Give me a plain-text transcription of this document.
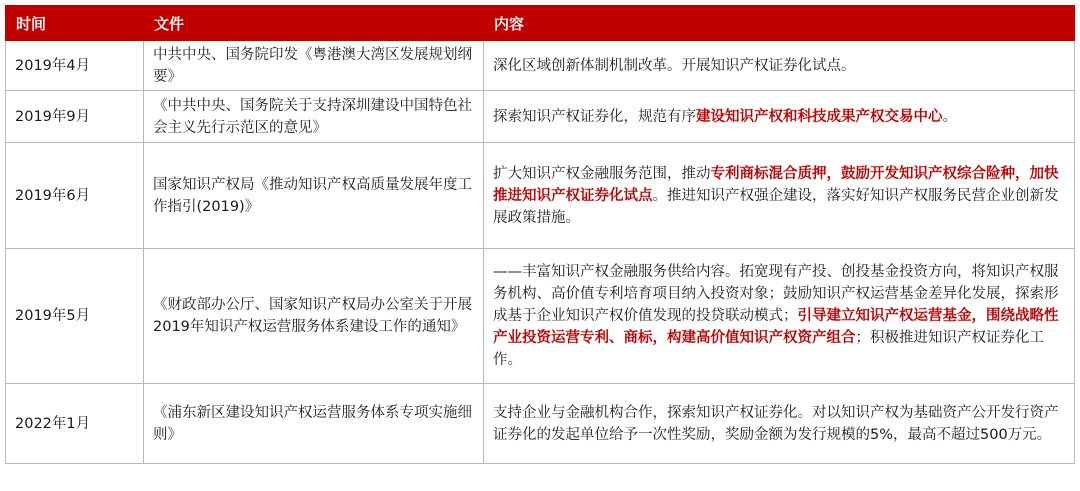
时间	文件	内容
2019年4月	中共中央、国务院印发《粤港澳大湾区发展规划纲要》	深化区域创新体制机制改革。开展知识产权证券化试点。
2019年9月	《中共中央、国务院关于支持深圳建设中国特色社会主义先行示范区的意见》	探索知识产权证券化，规范有序建设知识产权和科技成果产权交易中心。
2019年6月	国家知识产权局《推动知识产权高质量发展年度工作指引(2019)》	扩大知识产权金融服务范围，推动专利商标混合质押，鼓励开发知识产权综合险种，加快推进知识产权证券化试点。推进知识产权强企建设，落实好知识产权服务民营企业创新发展政策措施。
2019年5月	《财政部办公厅、国家知识产权局办公室关于开展2019年知识产权运营服务体系建设工作的通知》	——丰富知识产权金融服务供给内容。拓宽现有产投、创投基金投资方向，将知识产权服务机构、高价值专利培育项目纳入投资对象；鼓励知识产权运营基金差异化发展，探索形成基于企业知识产权价值发现的投贷联动模式；引导建立知识产权运营基金，围绕战略性产业投资运营专利、商标，构建高价值知识产权资产组合；积极推进知识产权证券化工作。
2022年1月	《浦东新区建设知识产权运营服务体系专项实施细则》	支持企业与金融机构合作，探索知识产权证券化。对以知识产权为基础资产公开发行资产证券化的发起单位给予一次性奖励，奖励金额为发行规模的5%，最高不超过500万元。
